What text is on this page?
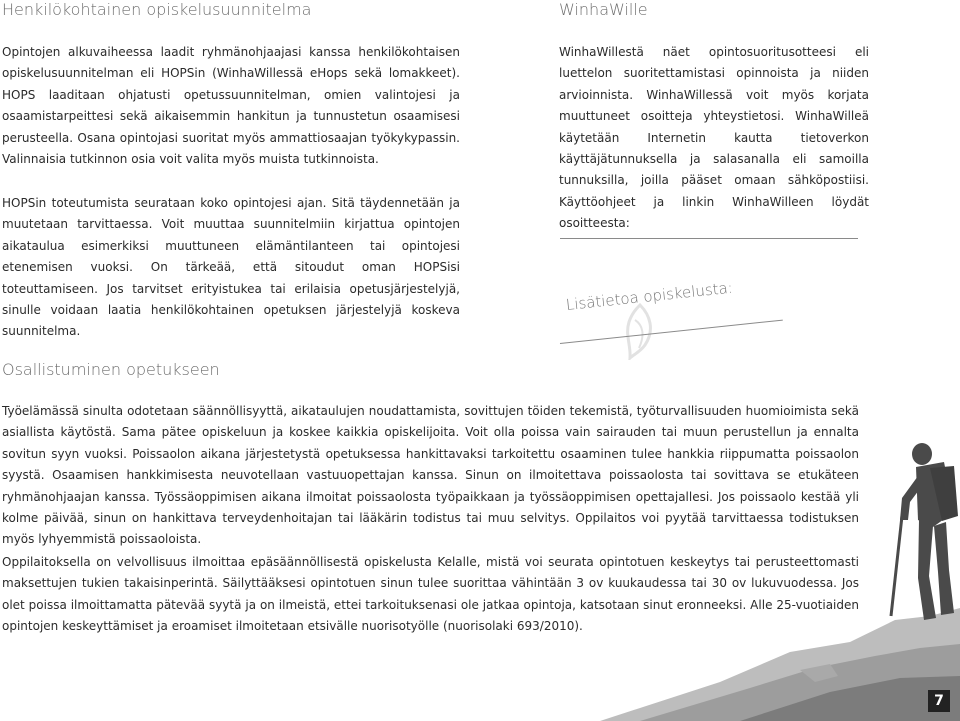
Henkilökohtainen opiskelusuunnitelma

Opintojen alkuvaiheessa laadit ryhmänohjaajasi kanssa henkilökohtaisen opiskelusuunnitelman eli HOPSin (WinhaWillessä eHops sekä lomakkeet). HOPS laaditaan ohjatusti opetussuunnitelman, omien valintojesi ja osaamistarpeittesi sekä aikaisemmin hankitun ja tunnustetun osaamisesi perusteella. Osana opintojasi suoritat myös ammattiosaajan työkykypassin. Valinnaisia tutkinnon osia voit valita myös muista tutkinnoista.

HOPSin toteutumista seurataan koko opintojesi ajan. Sitä täydennetään ja muutetaan tarvittaessa. Voit muuttaa suunnitelmiin kirjattua opintojen aikataulua esimerkiksi muuttuneen elämäntilanteen tai opintojesi etenemisen vuoksi. On tärkeää, että sitoudut oman HOPSisi toteuttamiseen. Jos tarvitset erityistukea tai erilaisia opetusjärjestelyjä, sinulle voidaan laatia henkilökohtainen opetuksen järjestelyjä koskeva suunnitelma.

WinhaWille

WinhaWillestä näet opintosuoritusotteesi eli luettelon suoritettamistasi opinnoista ja niiden arvioinnista. WinhaWillessä voit myös korjata muuttuneet osoitteja yhteystietosi. WinhaWilleä käytetään Internetin kautta tietoverkon käyttäjätunnuksella ja salasanalla eli samoilla tunnuksilla, joilla pääset omaan sähköpostiisi. Käyttöohjeet ja linkin WinhaWilleen löydät osoitteesta:

Lisätietoa opiskelusta:

Osallistuminen opetukseen

Työelämässä sinulta odotetaan säännöllisyyttä, aikataulujen noudattamista, sovittujen töiden tekemistä, työturvallisuuden huomioimista sekä asiallista käytöstä. Sama pätee opiskeluun ja koskee kaikkia opiskelijoita. Voit olla poissa vain sairauden tai muun perustellun ja ennalta sovitun syyn vuoksi. Poissaolon aikana järjestetystä opetuksessa hankittavaksi tarkoitettu osaaminen tulee hankkia riippumatta poissaolon syystä. Osaamisen hankkimisesta neuvotellaan vastuuopettajan kanssa. Sinun on ilmoitettava poissaolosta tai sovittava se etukäteen ryhmänohjaajan kanssa. Työssäoppimisen aikana ilmoitat poissaolosta työpaikkaan ja työssäoppimisen opettajallesi. Jos poissaolo kestää yli kolme päivää, sinun on hankittava terveydenhoitajan tai lääkärin todistus tai muu selvitys. Oppilaitos voi pyytää tarvittaessa todistuksen myös lyhyemmistä poissaoloista.

Oppilaitoksella on velvollisuus ilmoittaa epäsäännöllisestä opiskelusta Kelalle, mistä voi seurata opintotuen keskeytys tai perusteettomasti maksettujen tukien takaisinperintä. Säilyttääksesi opintotuen sinun tulee suorittaa vähintään 3 ov kuukaudessa tai 30 ov lukuvuodessa. Jos olet poissa ilmoittamatta pätevää syytä ja on ilmeistä, ettei tarkoituksenasi ole jatkaa opintoja, katsotaan sinut eronneeksi. Alle 25-vuotiaiden opintojen keskeyttämiset ja eroamiset ilmoitetaan etsivälle nuorisotyölle (nuorisolaki 693/2010).

7
